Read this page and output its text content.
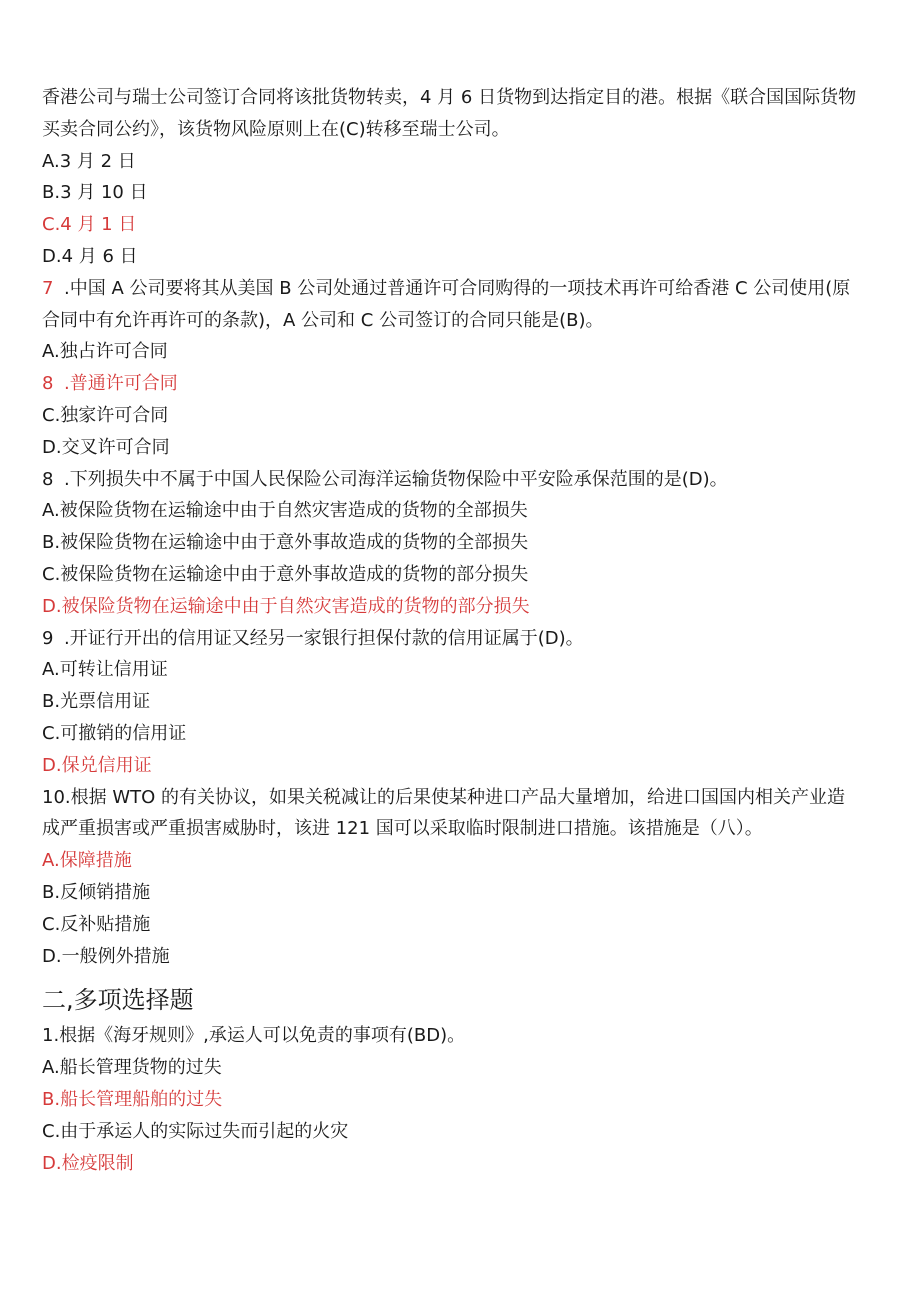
香港公司与瑞士公司签订合同将该批货物转卖，4 月 6 日货物到达指定目的港。根据《联合国国际货物
买卖合同公约》，该货物风险原则上在(C)转移至瑞士公司。
A.3 月 2 日
B.3 月 10 日
C.4 月 1 日
D.4 月 6 日
7 .中国 A 公司要将其从美国 B 公司处通过普通许可合同购得的一项技术再许可给香港 C 公司使用(原
合同中有允许再许可的条款)，A 公司和 C 公司签订的合同只能是(B)。
A.独占许可合同
8 .普通许可合同
C.独家许可合同
D.交叉许可合同
8 .下列损失中不属于中国人民保险公司海洋运输货物保险中平安险承保范围的是(D)。
A.被保险货物在运输途中由于自然灾害造成的货物的全部损失
B.被保险货物在运输途中由于意外事故造成的货物的全部损失
C.被保险货物在运输途中由于意外事故造成的货物的部分损失
D.被保险货物在运输途中由于自然灾害造成的货物的部分损失
9 .开证行开出的信用证又经另一家银行担保付款的信用证属于(D)。
A.可转让信用证
B.光票信用证
C.可撤销的信用证
D.保兑信用证
10.根据 WTO 的有关协议，如果关税减让的后果使某种进口产品大量增加，给进口国国内相关产业造
成严重损害或严重损害威胁时，该进 121 国可以采取临时限制进口措施。该措施是（八）。
A.保障措施
B.反倾销措施
C.反补贴措施
D.一般例外措施
二,多项选择题
1.根据《海牙规则》,承运人可以免责的事项有(BD)。
A.船长管理货物的过失
B.船长管理船舶的过失
C.由于承运人的实际过失而引起的火灾
D.检疫限制
